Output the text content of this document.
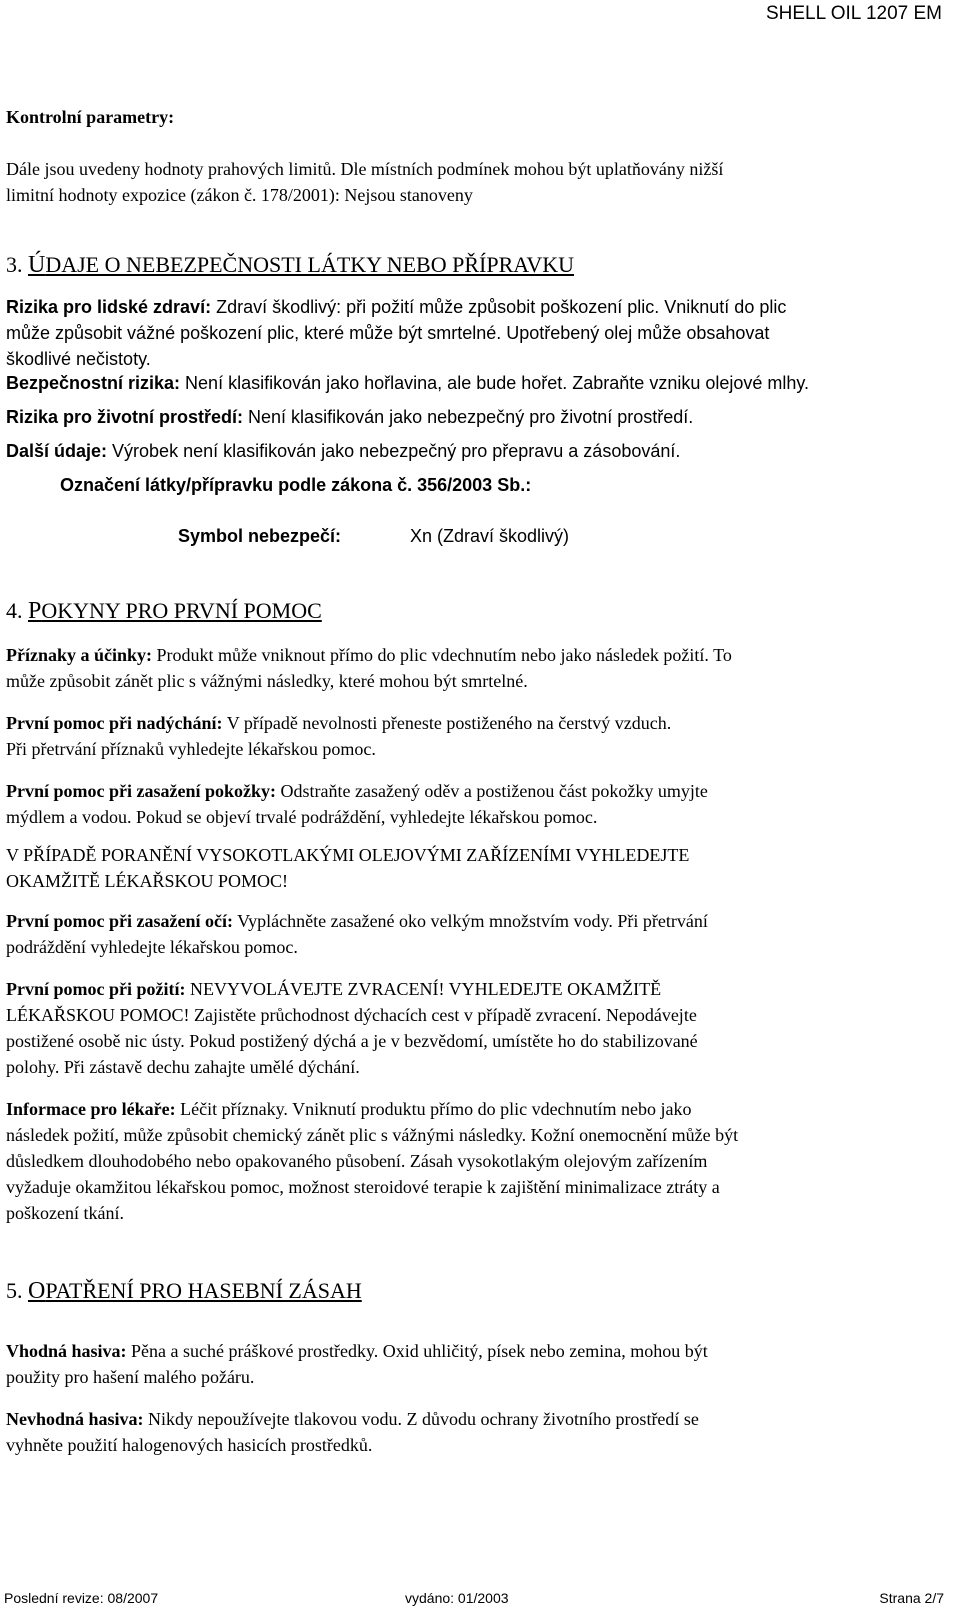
SHELL OIL 1207 EM
Kontrolní parametry:
Dále jsou uvedeny hodnoty prahových limitů. Dle místních podmínek mohou být uplatňovány nižší
limitní hodnoty expozice (zákon č. 178/2001): Nejsou stanoveny
3. ÚDAJE O NEBEZPEČNOSTI LÁTKY NEBO PŘÍPRAVKU
Rizika pro lidské zdraví: Zdraví škodlivý: při požití může způsobit poškození plic. Vniknutí do plic
může způsobit vážné poškození plic, které může být smrtelné. Upotřebený olej může obsahovat
škodlivé nečistoty.
Bezpečnostní rizika: Není klasifikován jako hořlavina, ale bude hořet. Zabraňte vzniku olejové mlhy.
Rizika pro životní prostředí: Není klasifikován jako nebezpečný pro životní prostředí.
Další údaje: Výrobek není klasifikován jako nebezpečný pro přepravu a zásobování.
Označení látky/přípravku podle zákona č. 356/2003 Sb.:
Symbol nebezpečí:	Xn (Zdraví škodlivý)
4. POKYNY PRO PRVNÍ POMOC
Příznaky a účinky: Produkt může vniknout přímo do plic vdechnutím nebo jako následek požití. To
může způsobit zánět plic s vážnými následky, které mohou být smrtelné.
První pomoc při nadýchání: V případě nevolnosti přeneste postiženého na čerstvý vzduch.
Při přetrvání příznaků vyhledejte lékařskou pomoc.
První pomoc při zasažení pokožky: Odstraňte zasažený oděv a postiženou část pokožky umyjte
mýdlem a vodou. Pokud se objeví trvalé podráždění, vyhledejte lékařskou pomoc.
V PŘÍPADĚ PORANĚNÍ VYSOKOTLAKÝMI OLEJOVÝMI ZAŘÍZENÍMI VYHLEDEJTE
OKAMŽITĚ LÉKAŘSKOU POMOC!
První pomoc při zasažení očí: Vypláchněte zasažené oko velkým množstvím vody. Při přetrvání
podráždění vyhledejte lékařskou pomoc.
První pomoc při požití: NEVYVOLÁVEJTE ZVRACENÍ! VYHLEDEJTE OKAMŽITĚ
LÉKAŘSKOU POMOC! Zajistěte průchodnost dýchacích cest v případě zvracení. Nepodávejte
postižené osobě nic ústy. Pokud postižený dýchá a je v bezvědomí, umístěte ho do stabilizované
polohy. Při zástavě dechu zahajte umělé dýchání.
Informace pro lékaře: Léčit příznaky. Vniknutí produktu přímo do plic vdechnutím nebo jako
následek požití, může způsobit chemický zánět plic s vážnými následky. Kožní onemocnění může být
důsledkem dlouhodobého nebo opakovaného působení. Zásah vysokotlakým olejovým zařízením
vyžaduje okamžitou lékařskou pomoc, možnost steroidové terapie k zajištění minimalizace ztráty a
poškození tkání.
5. OPATŘENÍ PRO HASEBNÍ ZÁSAH
Vhodná hasiva: Pěna a suché práškové prostředky. Oxid uhličitý, písek nebo zemina, mohou být
použity pro hašení malého požáru.
Nevhodná hasiva: Nikdy nepoužívejte tlakovou vodu. Z důvodu ochrany životního prostředí se
vyhněte použití halogenových hasicích prostředků.
Poslední revize: 08/2007	vydáno: 01/2003	Strana 2/7
